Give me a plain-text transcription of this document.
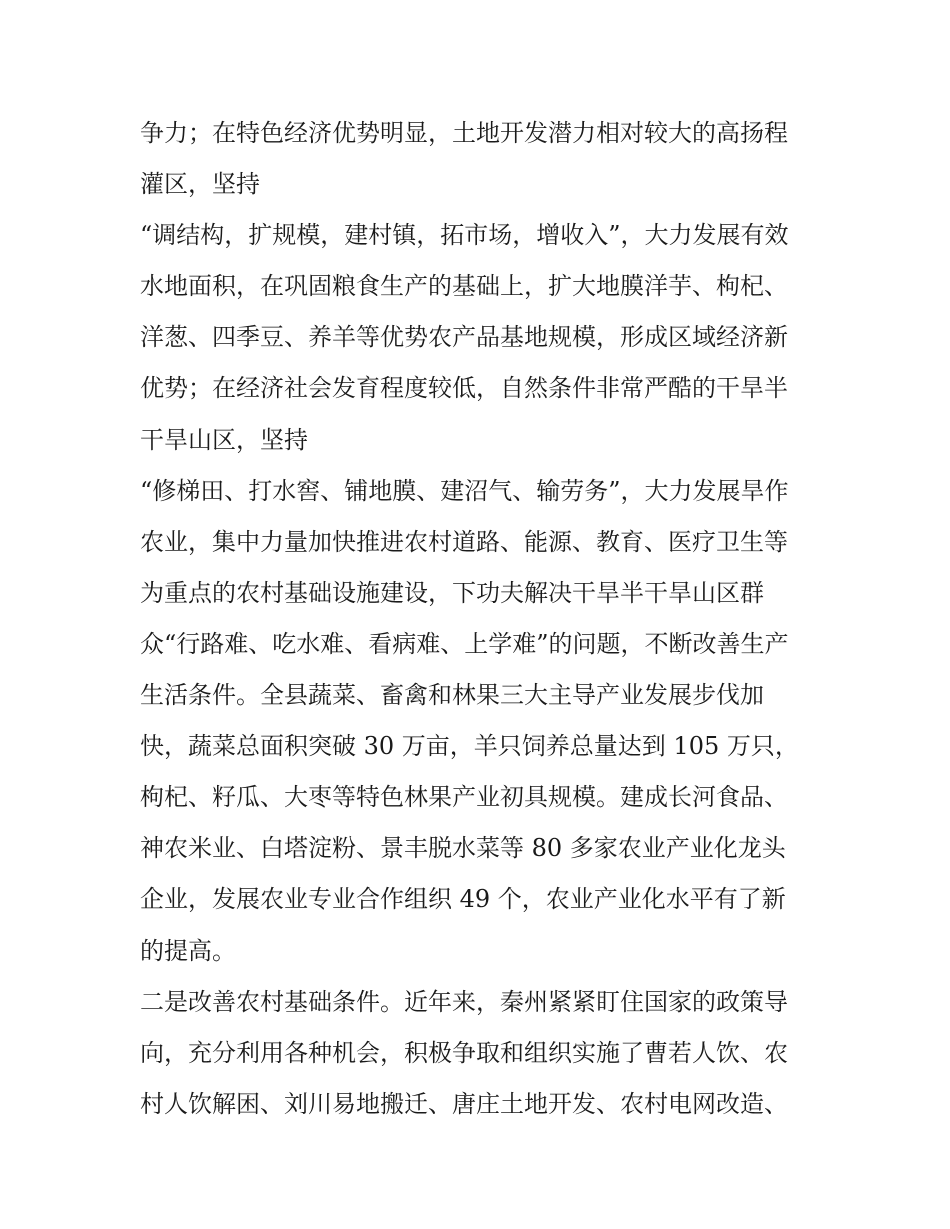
争力；在特色经济优势明显，土地开发潜力相对较大的高扬程
灌区，坚持
“调结构，扩规模，建村镇，拓市场，增收入”，大力发展有效
水地面积，在巩固粮食生产的基础上，扩大地膜洋芋、枸杞、
洋葱、四季豆、养羊等优势农产品基地规模，形成区域经济新
优势；在经济社会发育程度较低，自然条件非常严酷的干旱半
干旱山区，坚持
“修梯田、打水窖、铺地膜、建沼气、输劳务”，大力发展旱作
农业，集中力量加快推进农村道路、能源、教育、医疗卫生等
为重点的农村基础设施建设，下功夫解决干旱半干旱山区群
众“行路难、吃水难、看病难、上学难”的问题，不断改善生产
生活条件。全县蔬菜、畜禽和林果三大主导产业发展步伐加
快，蔬菜总面积突破 30 万亩，羊只饲养总量达到 105 万只，
枸杞、籽瓜、大枣等特色林果产业初具规模。建成长河食品、
神农米业、白塔淀粉、景丰脱水菜等 80 多家农业产业化龙头
企业，发展农业专业合作组织 49 个，农业产业化水平有了新
的提高。
二是改善农村基础条件。近年来，秦州紧紧盯住国家的政策导
向，充分利用各种机会，积极争取和组织实施了曹若人饮、农
村人饮解困、刘川易地搬迁、唐庄土地开发、农村电网改造、
